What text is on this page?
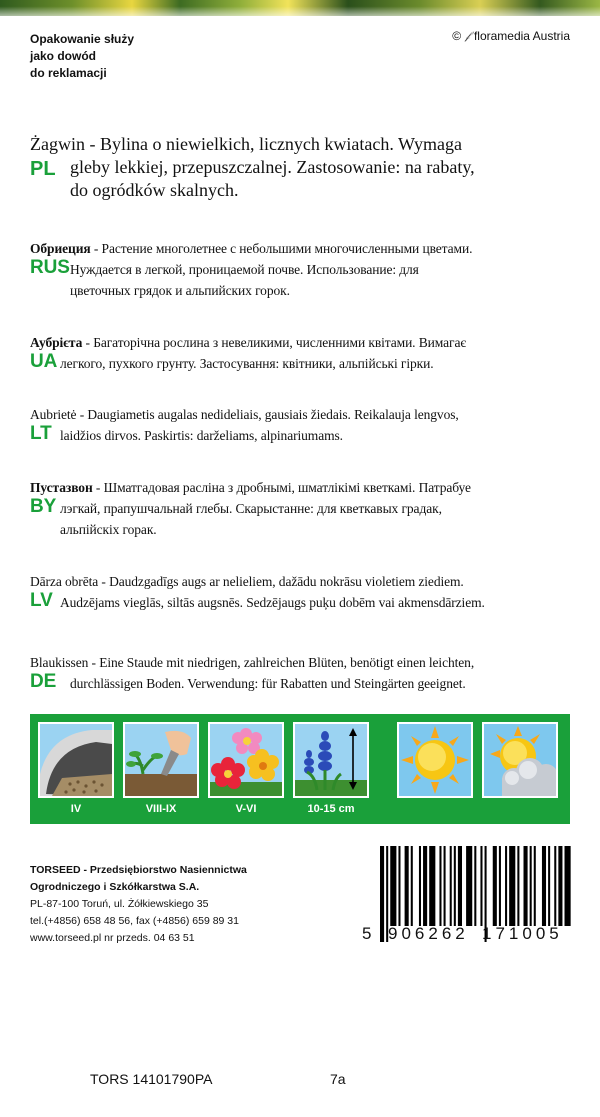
Opakowanie służy
jako dowód
do reklamacji
© 𝒻 floramedia Austria
PL
Żagwin - Bylina o niewielkich, licznych kwiatach. Wymaga
gleby lekkiej, przepuszczalnej. Zastosowanie: na rabaty,
do ogródków skalnych.
RUS
Обриеция - Растение многолетнее с небольшими многочисленными цветами.
Нуждается в легкой, проницаемой почве. Использование: для
цветочных грядок и альпийских горок.
UA
Аубрієта - Багаторічна рослина з невеликими, численними квітами. Вимагає
легкого, пухкого грунту. Застосування: квітники, альпійські гірки.
LT
Aubrietė - Daugiametis augalas nedideliais, gausiais žiedais. Reikalauja lengvos,
laidžios dirvos. Paskirtis: darželiams, alpinariumams.
BY
Пустазвон - Шматгадовая расліна з дробнымі, шматлікімі кветкамі. Патрабуе
лэгкай, прапушчальнай глебы. Скарыстанне: для кветкавых градак,
альпійскіх горак.
LV
Dārza obrēta - Daudzgadīgs augs ar nelieliem, dažādu nokrāsu violetiem ziediem.
Audzējams vieglās, siltās augsnēs. Sedzējaugs puķu dobēm vai akmensdārziem.
DE
Blaukissen - Eine Staude mit niedrigen, zahlreichen Blüten, benötigt einen leichten,
durchlässigen Boden. Verwendung: für Rabatten und Steingärten geeignet.
IV	VIII-IX	V-VI	10-15 cm
TORSEED - Przedsiębiorstwo Nasiennictwa
Ogrodniczego i Szkółkarstwa S.A.
PL-87-100 Toruń, ul. Żółkiewskiego 35
tel.(+4856) 658 48 56, fax (+4856) 659 89 31
www.torseed.pl nr przeds. 04 63 51	5 906262 171005
TORS 14101790PA	7a
